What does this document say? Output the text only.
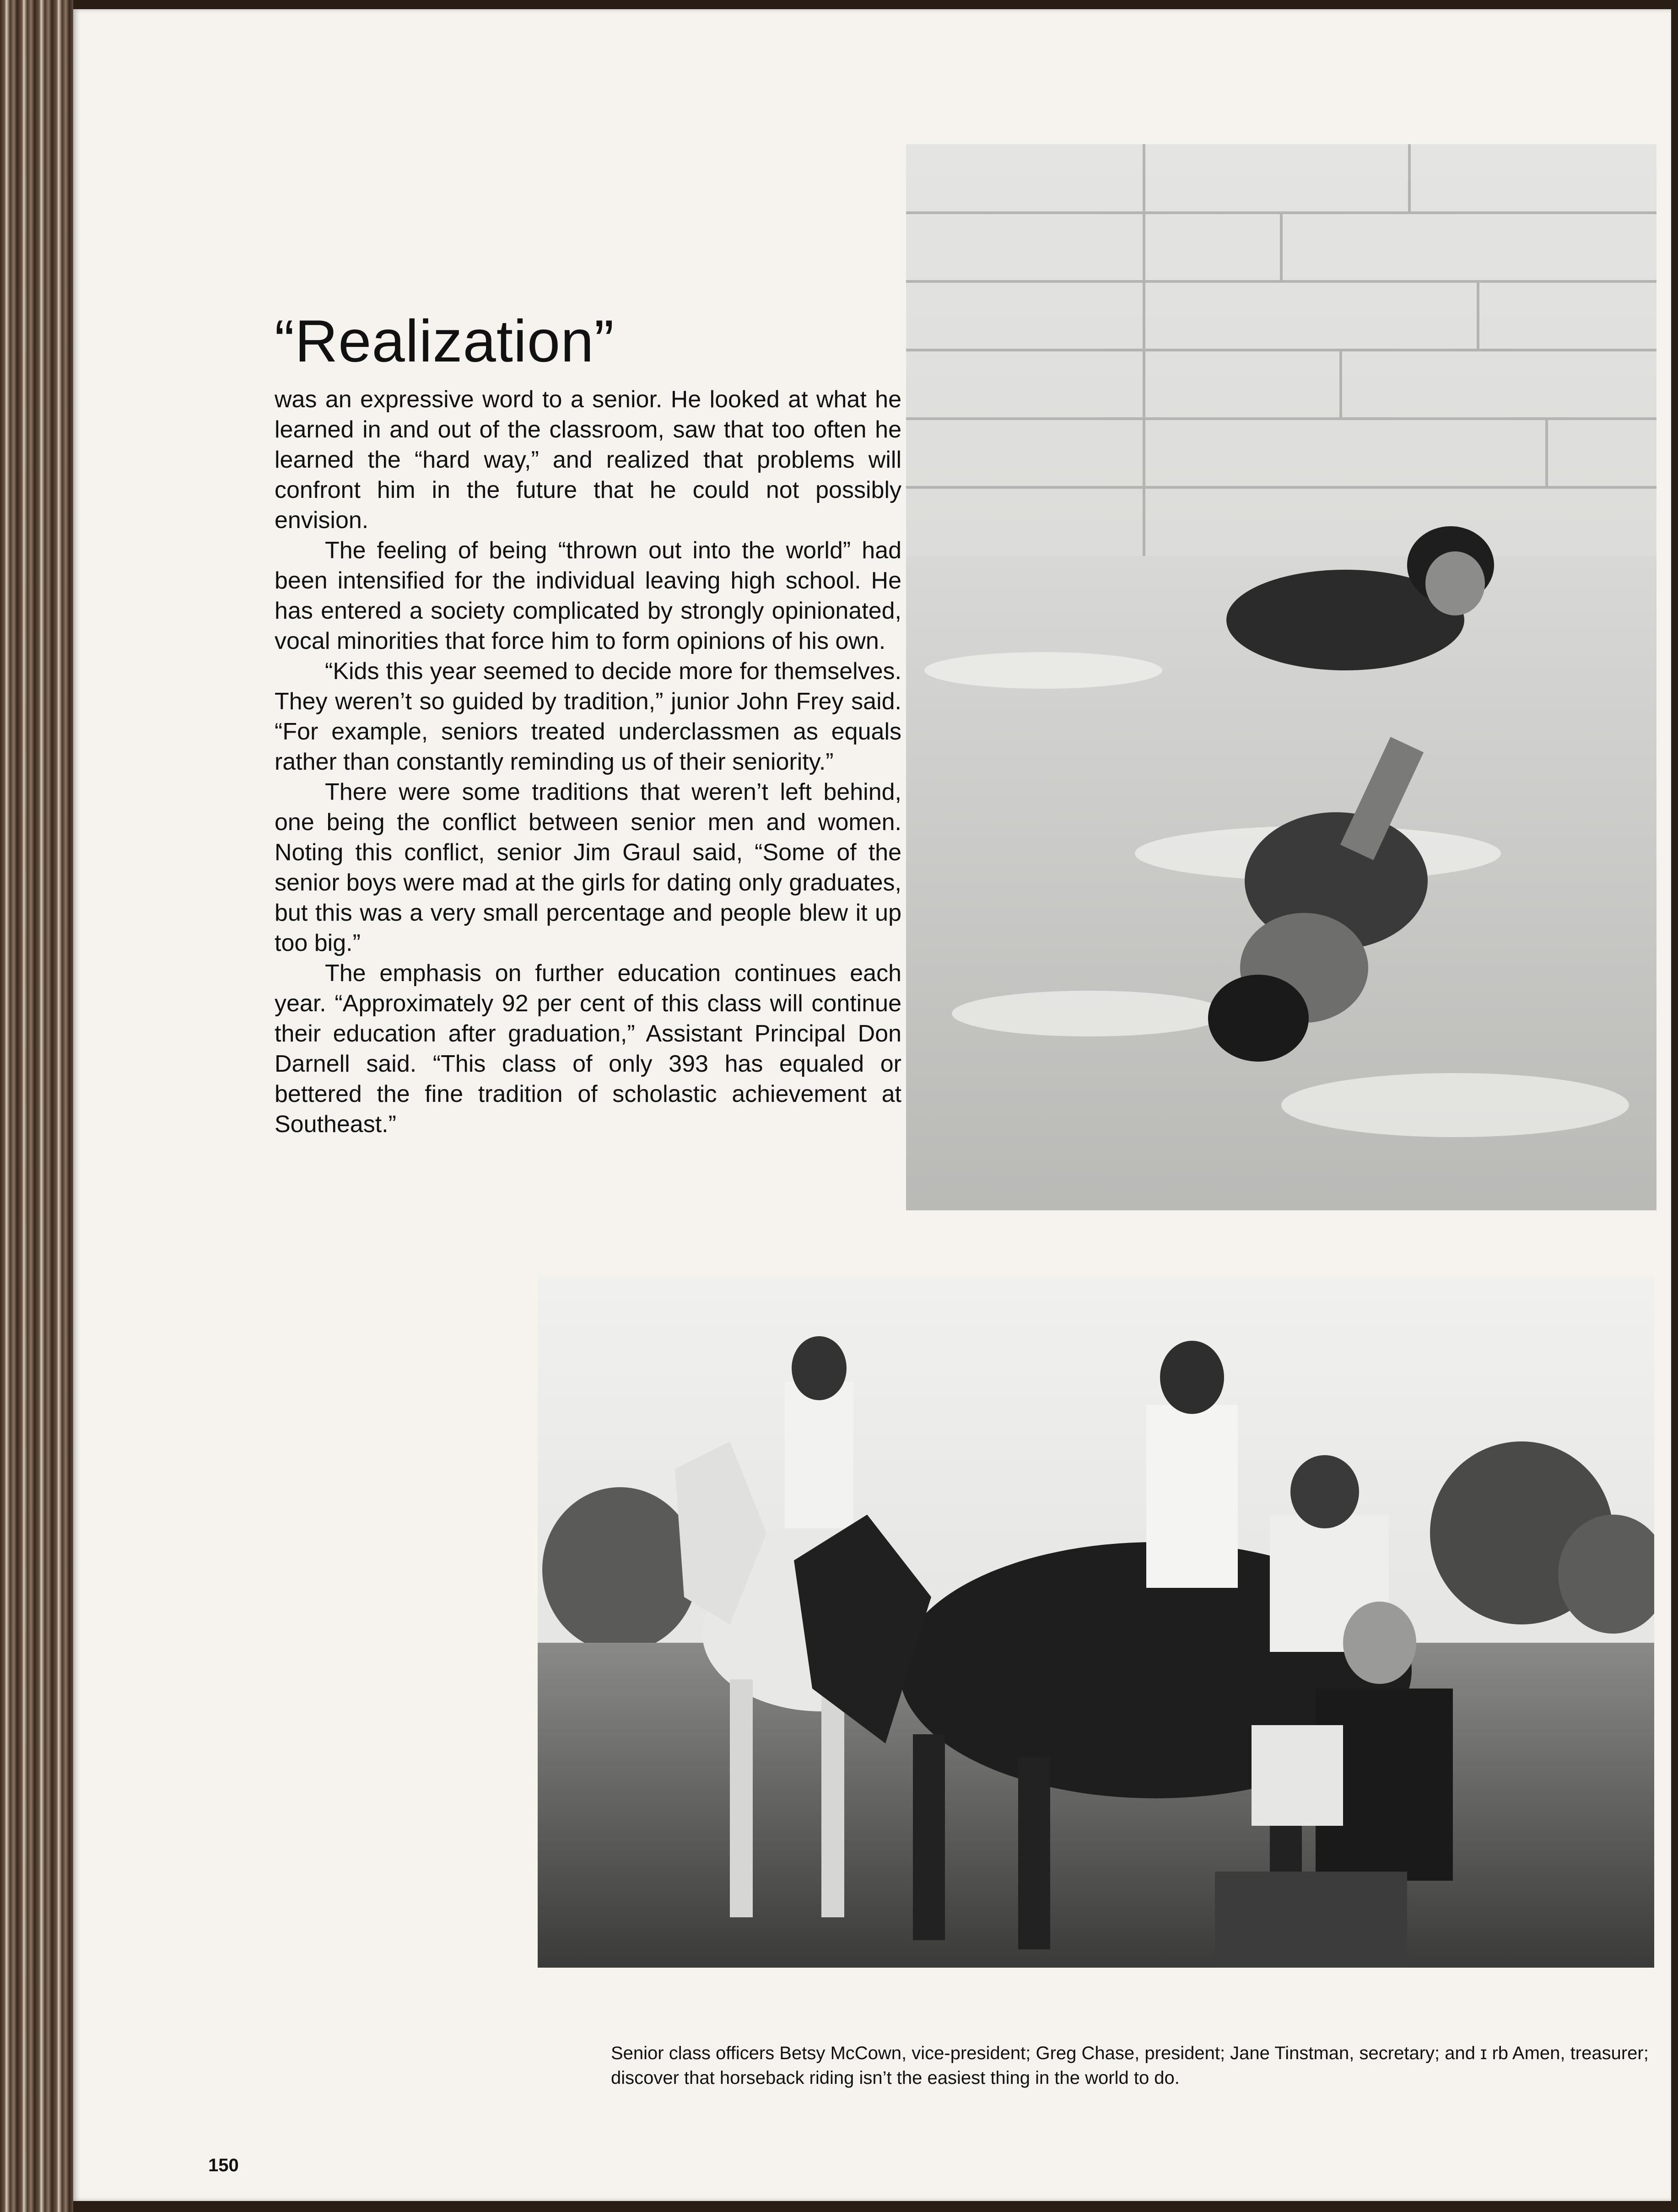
“Realization”

was an expressive word to a senior. He looked at what he learned in and out of the classroom, saw that too often he learned the “hard way,” and realized that problems will confront him in the future that he could not possibly envision.

The feeling of being “thrown out into the world” had been intensified for the individual leaving high school. He has entered a society complicated by strongly opinionated, vocal minorities that force him to form opinions of his own.

“Kids this year seemed to decide more for themselves. They weren’t so guided by tradition,” junior John Frey said. “For example, seniors treated underclassmen as equals rather than constantly reminding us of their seniority.”

There were some traditions that weren’t left behind, one being the conflict between senior men and women. Noting this conflict, senior Jim Graul said, “Some of the senior boys were mad at the girls for dating only graduates, but this was a very small percentage and people blew it up too big.”

The emphasis on further education continues each year. “Approximately 92 per cent of this class will continue their education after graduation,” Assistant Principal Don Darnell said. “This class of only 393 has equaled or bettered the fine tradition of scholastic achievement at Southeast.”

Senior class officers Betsy McCown, vice-president; Greg Chase, president; Jane Tinstman, secretary; and ɪ rb Amen, treasurer; discover that horseback riding isn’t the easiest thing in the world to do.

150
